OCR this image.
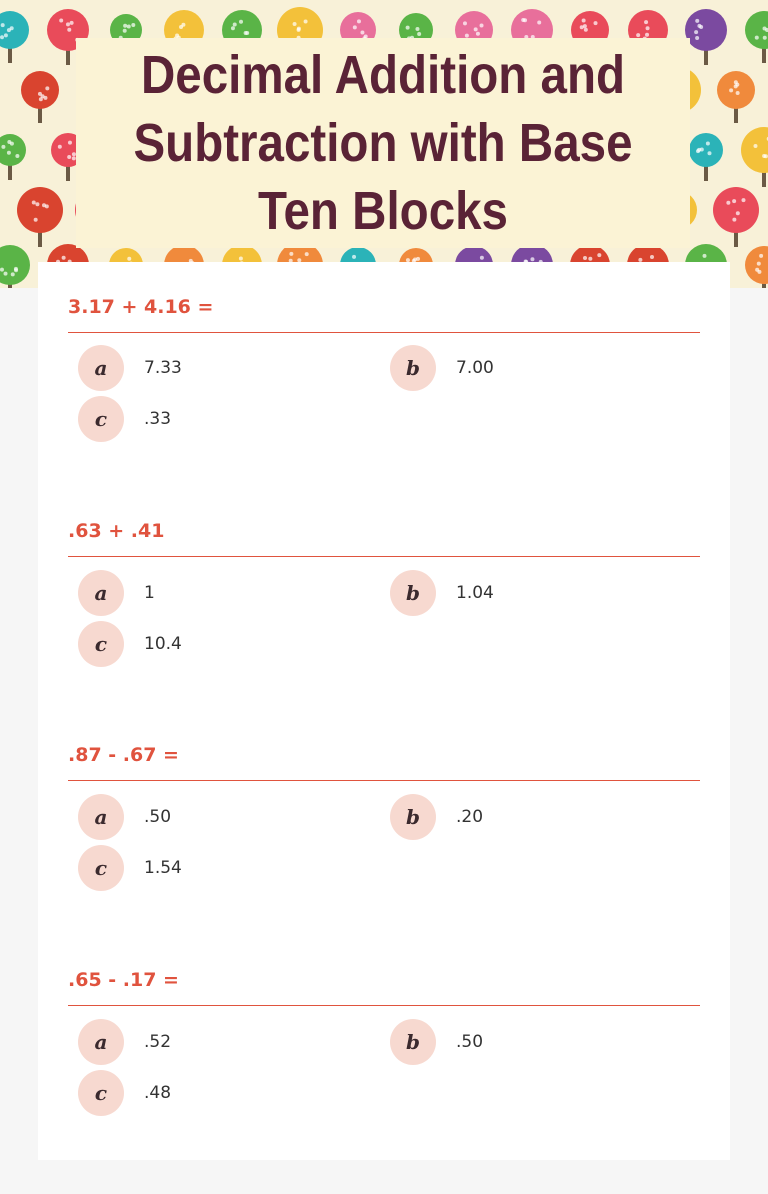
Decimal Addition and Subtraction with Base Ten Blocks
3.17 + 4.16 =
a	7.33	b	7.00
c	.33
.63 + .41
a	1	b	1.04
c	10.4
.87 - .67 =
a	.50	b	.20
c	1.54
.65 - .17 =
a	.52	b	.50
c	.48
